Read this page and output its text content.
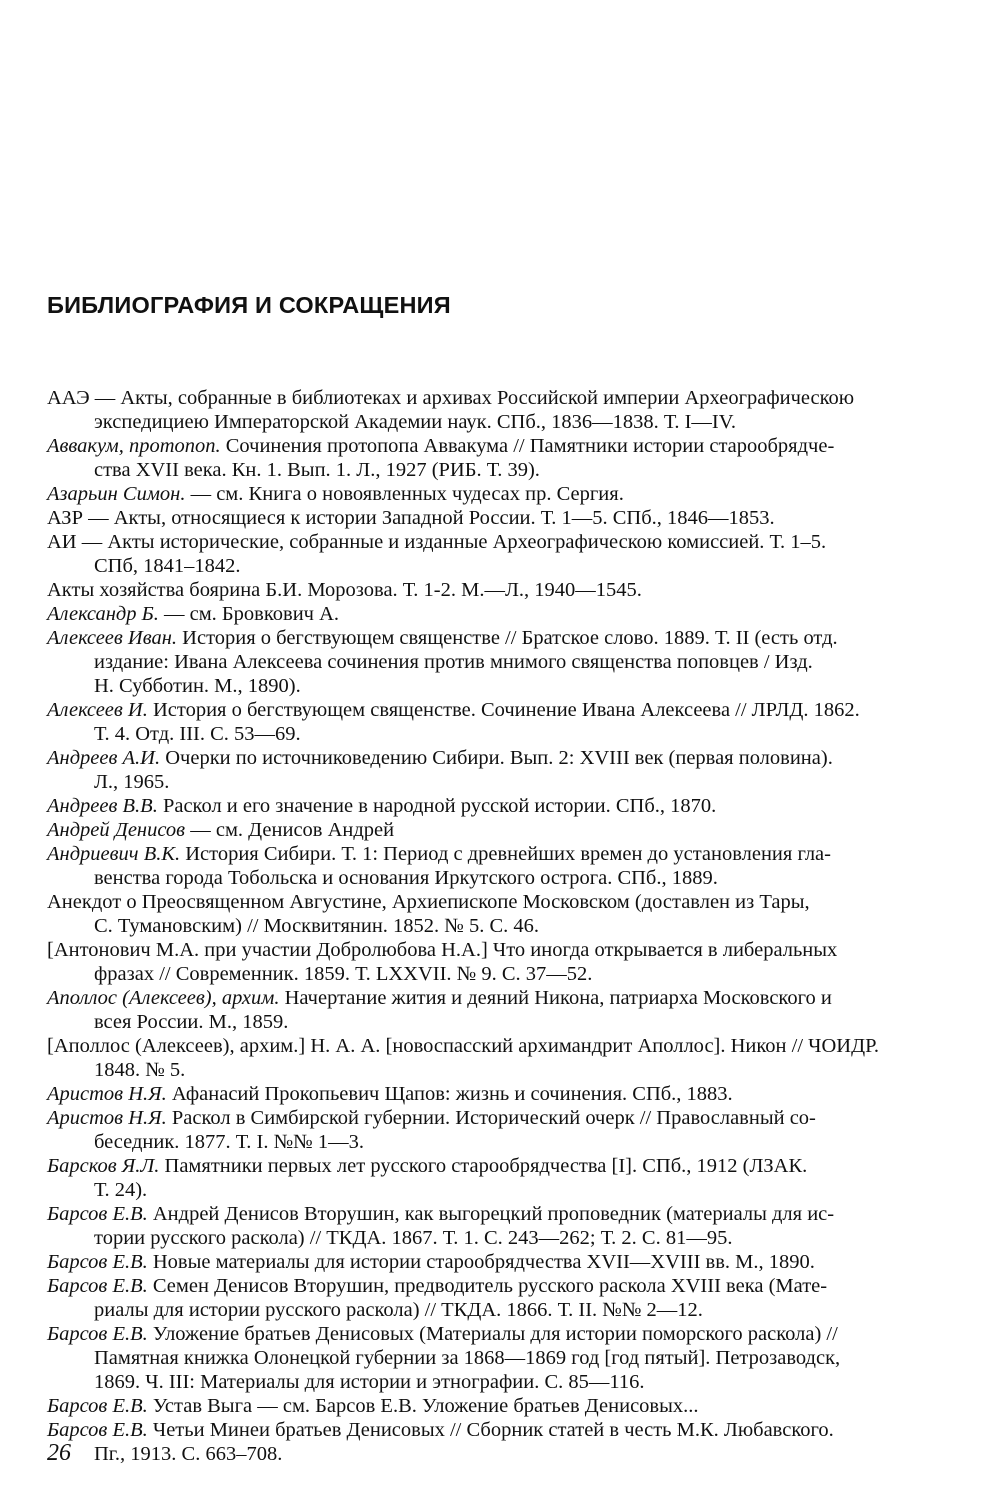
БИБЛИОГРАФИЯ И СОКРАЩЕНИЯ
ААЭ — Акты, собранные в библиотеках и архивах Российской империи Археографическою
экспедициею Императорской Академии наук. СПб., 1836—1838. Т. I—IV.
Аввакум, протопоп. Сочинения протопопа Аввакума // Памятники истории старообрядче-
ства XVII века. Кн. 1. Вып. 1. Л., 1927 (РИБ. Т. 39).
Азарьин Симон. — см. Книга о новоявленных чудесах пр. Сергия.
АЗР — Акты, относящиеся к истории Западной России. Т. 1—5. СПб., 1846—1853.
АИ — Акты исторические, собранные и изданные Археографическою комиссией. Т. 1–5.
СПб, 1841–1842.
Акты хозяйства боярина Б.И. Морозова. Т. 1-2. М.—Л., 1940—1545.
Александр Б. — см. Бровкович А.
Алексеев Иван. История о бегствующем священстве // Братское слово. 1889. Т. II (есть отд.
издание: Ивана Алексеева сочинения против мнимого священства поповцев / Изд.
Н. Субботин. М., 1890).
Алексеев И. История о бегствующем священстве. Сочинение Ивана Алексеева // ЛРЛД. 1862.
Т. 4. Отд. III. С. 53—69.
Андреев А.И. Очерки по источниковедению Сибири. Вып. 2: XVIII век (первая половина).
Л., 1965.
Андреев В.В. Раскол и его значение в народной русской истории. СПб., 1870.
Андрей Денисов — см. Денисов Андрей
Андриевич В.К. История Сибири. Т. 1: Период с древнейших времен до установления гла-
венства города Тобольска и основания Иркутского острога. СПб., 1889.
Анекдот о Преосвященном Августине, Архиепископе Московском (доставлен из Тары,
С. Тумановским) // Москвитянин. 1852. № 5. С. 46.
[Антонович М.А. при участии Добролюбова Н.А.] Что иногда открывается в либеральных
фразах // Современник. 1859. Т. LXXVII. № 9. С. 37—52.
Аполлос (Алексеев), архим. Начертание жития и деяний Никона, патриарха Московского и
всея России. М., 1859.
[Аполлос (Алексеев), архим.] Н. А. А. [новоспасский архимандрит Аполлос]. Никон // ЧОИДР.
1848. № 5.
Аристов Н.Я. Афанасий Прокопьевич Щапов: жизнь и сочинения. СПб., 1883.
Аристов Н.Я. Раскол в Симбирской губернии. Исторический очерк // Православный со-
беседник. 1877. Т. I. №№ 1—3.
Барсков Я.Л. Памятники первых лет русского старообрядчества [I]. СПб., 1912 (ЛЗАК.
Т. 24).
Барсов Е.В. Андрей Денисов Вторушин, как выгорецкий проповедник (материалы для ис-
тории русского раскола) // ТКДА. 1867. Т. 1. С. 243—262; Т. 2. С. 81—95.
Барсов Е.В. Новые материалы для истории старообрядчества XVII—XVIII вв. М., 1890.
Барсов Е.В. Семен Денисов Вторушин, предводитель русского раскола XVIII века (Мате-
риалы для истории русского раскола) // ТКДА. 1866. Т. II. №№ 2—12.
Барсов Е.В. Уложение братьев Денисовых (Материалы для истории поморского раскола) //
Памятная книжка Олонецкой губернии за 1868—1869 год [год пятый]. Петрозаводск,
1869. Ч. III: Материалы для истории и этнографии. С. 85—116.
Барсов Е.В. Устав Выга — см. Барсов Е.В. Уложение братьев Денисовых...
Барсов Е.В. Четьи Минеи братьев Денисовых // Сборник статей в честь М.К. Любавского.
Пг., 1913. С. 663–708.
26
